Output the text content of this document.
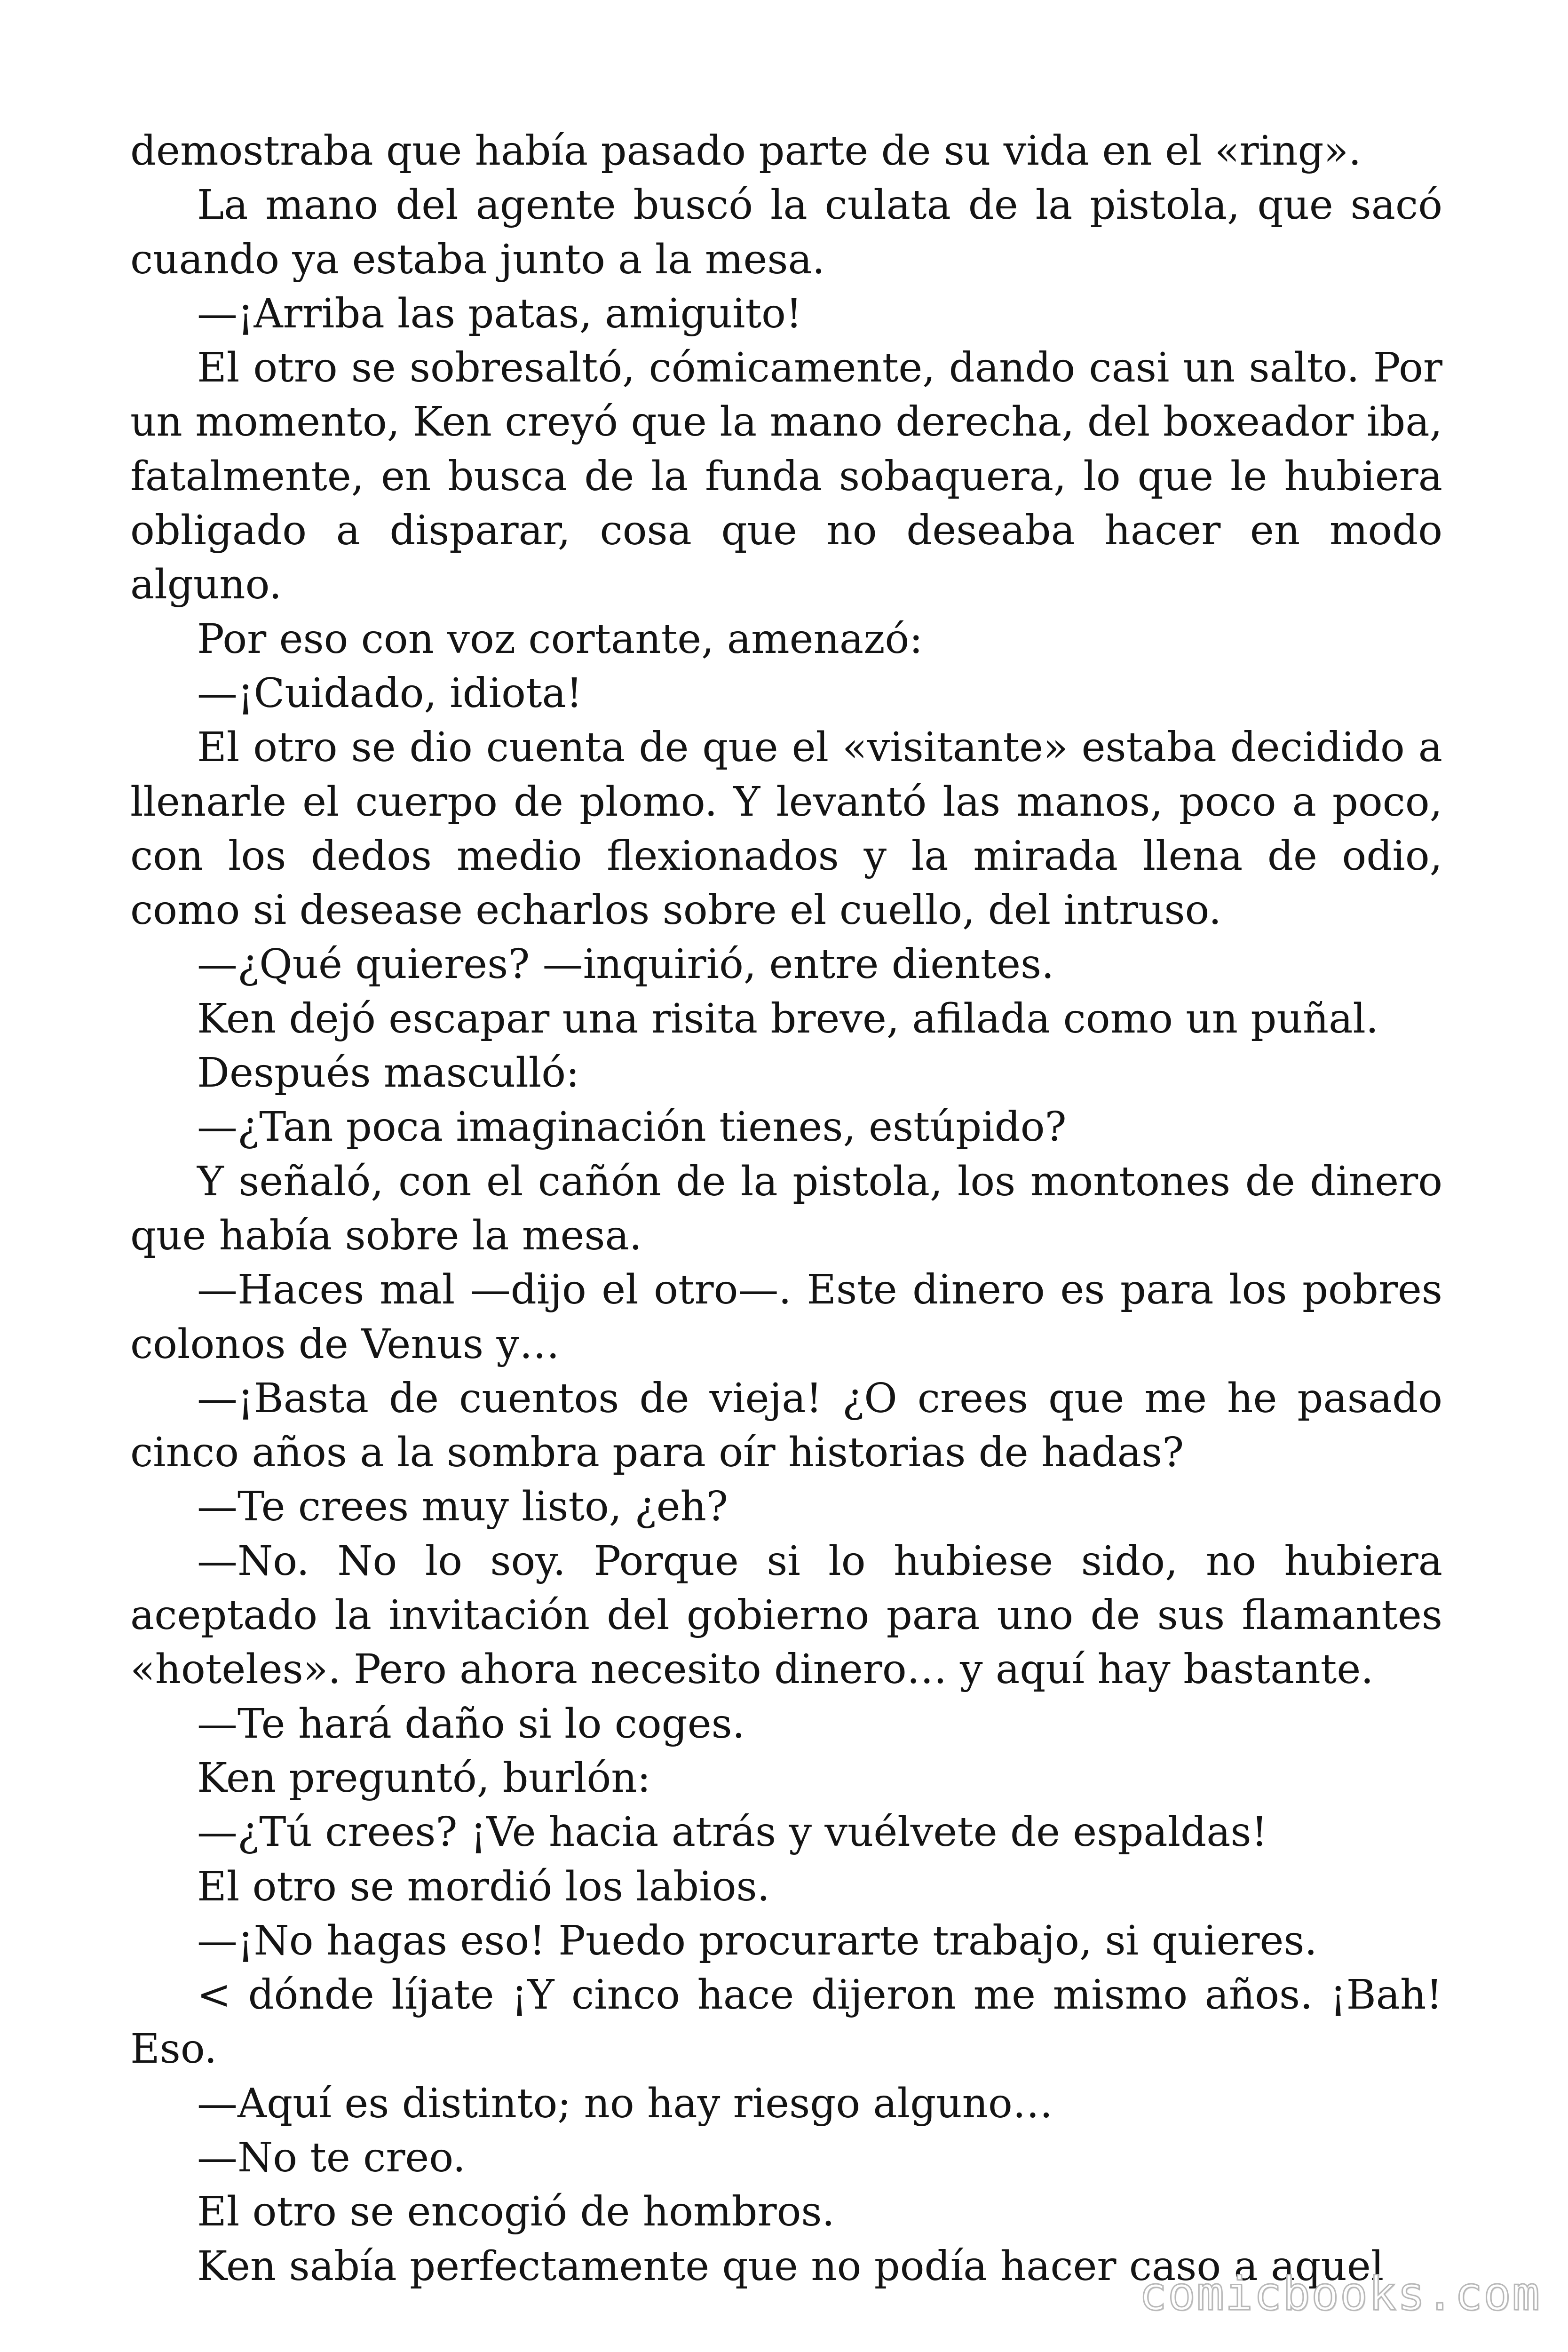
demostraba que había pasado parte de su vida en el «ring».

La mano del agente buscó la culata de la pistola, que sacó cuando ya estaba junto a la mesa.

—¡Arriba las patas, amiguito!

El otro se sobresaltó, cómicamente, dando casi un salto. Por un momento, Ken creyó que la mano derecha, del boxeador iba, fatalmente, en busca de la funda sobaquera, lo que le hubiera obligado a disparar, cosa que no deseaba hacer en modo alguno.

Por eso con voz cortante, amenazó:

—¡Cuidado, idiota!

El otro se dio cuenta de que el «visitante» estaba decidido a llenarle el cuerpo de plomo. Y levantó las manos, poco a poco, con los dedos medio flexionados y la mirada llena de odio, como si desease echarlos sobre el cuello, del intruso.

—¿Qué quieres? —inquirió, entre dientes.

Ken dejó escapar una risita breve, afilada como un puñal.

Después masculló:

—¿Tan poca imaginación tienes, estúpido?

Y señaló, con el cañón de la pistola, los montones de dinero que había sobre la mesa.

—Haces mal —dijo el otro—. Este dinero es para los pobres colonos de Venus y…

—¡Basta de cuentos de vieja! ¿O crees que me he pasado cinco años a la sombra para oír historias de hadas?

—Te crees muy listo, ¿eh?

—No. No lo soy. Porque si lo hubiese sido, no hubiera aceptado la invitación del gobierno para uno de sus flamantes «hoteles». Pero ahora necesito dinero… y aquí hay bastante.

—Te hará daño si lo coges.

Ken preguntó, burlón:

—¿Tú crees? ¡Ve hacia atrás y vuélvete de espaldas!

El otro se mordió los labios.

—¡No hagas eso! Puedo procurarte trabajo, si quieres.

< dónde líjate ¡Y cinco hace dijeron me mismo años. ¡Bah! Eso.

—Aquí es distinto; no hay riesgo alguno…

—No te creo.

El otro se encogió de hombros.

Ken sabía perfectamente que no podía hacer caso a aquel

comicbooks.com
